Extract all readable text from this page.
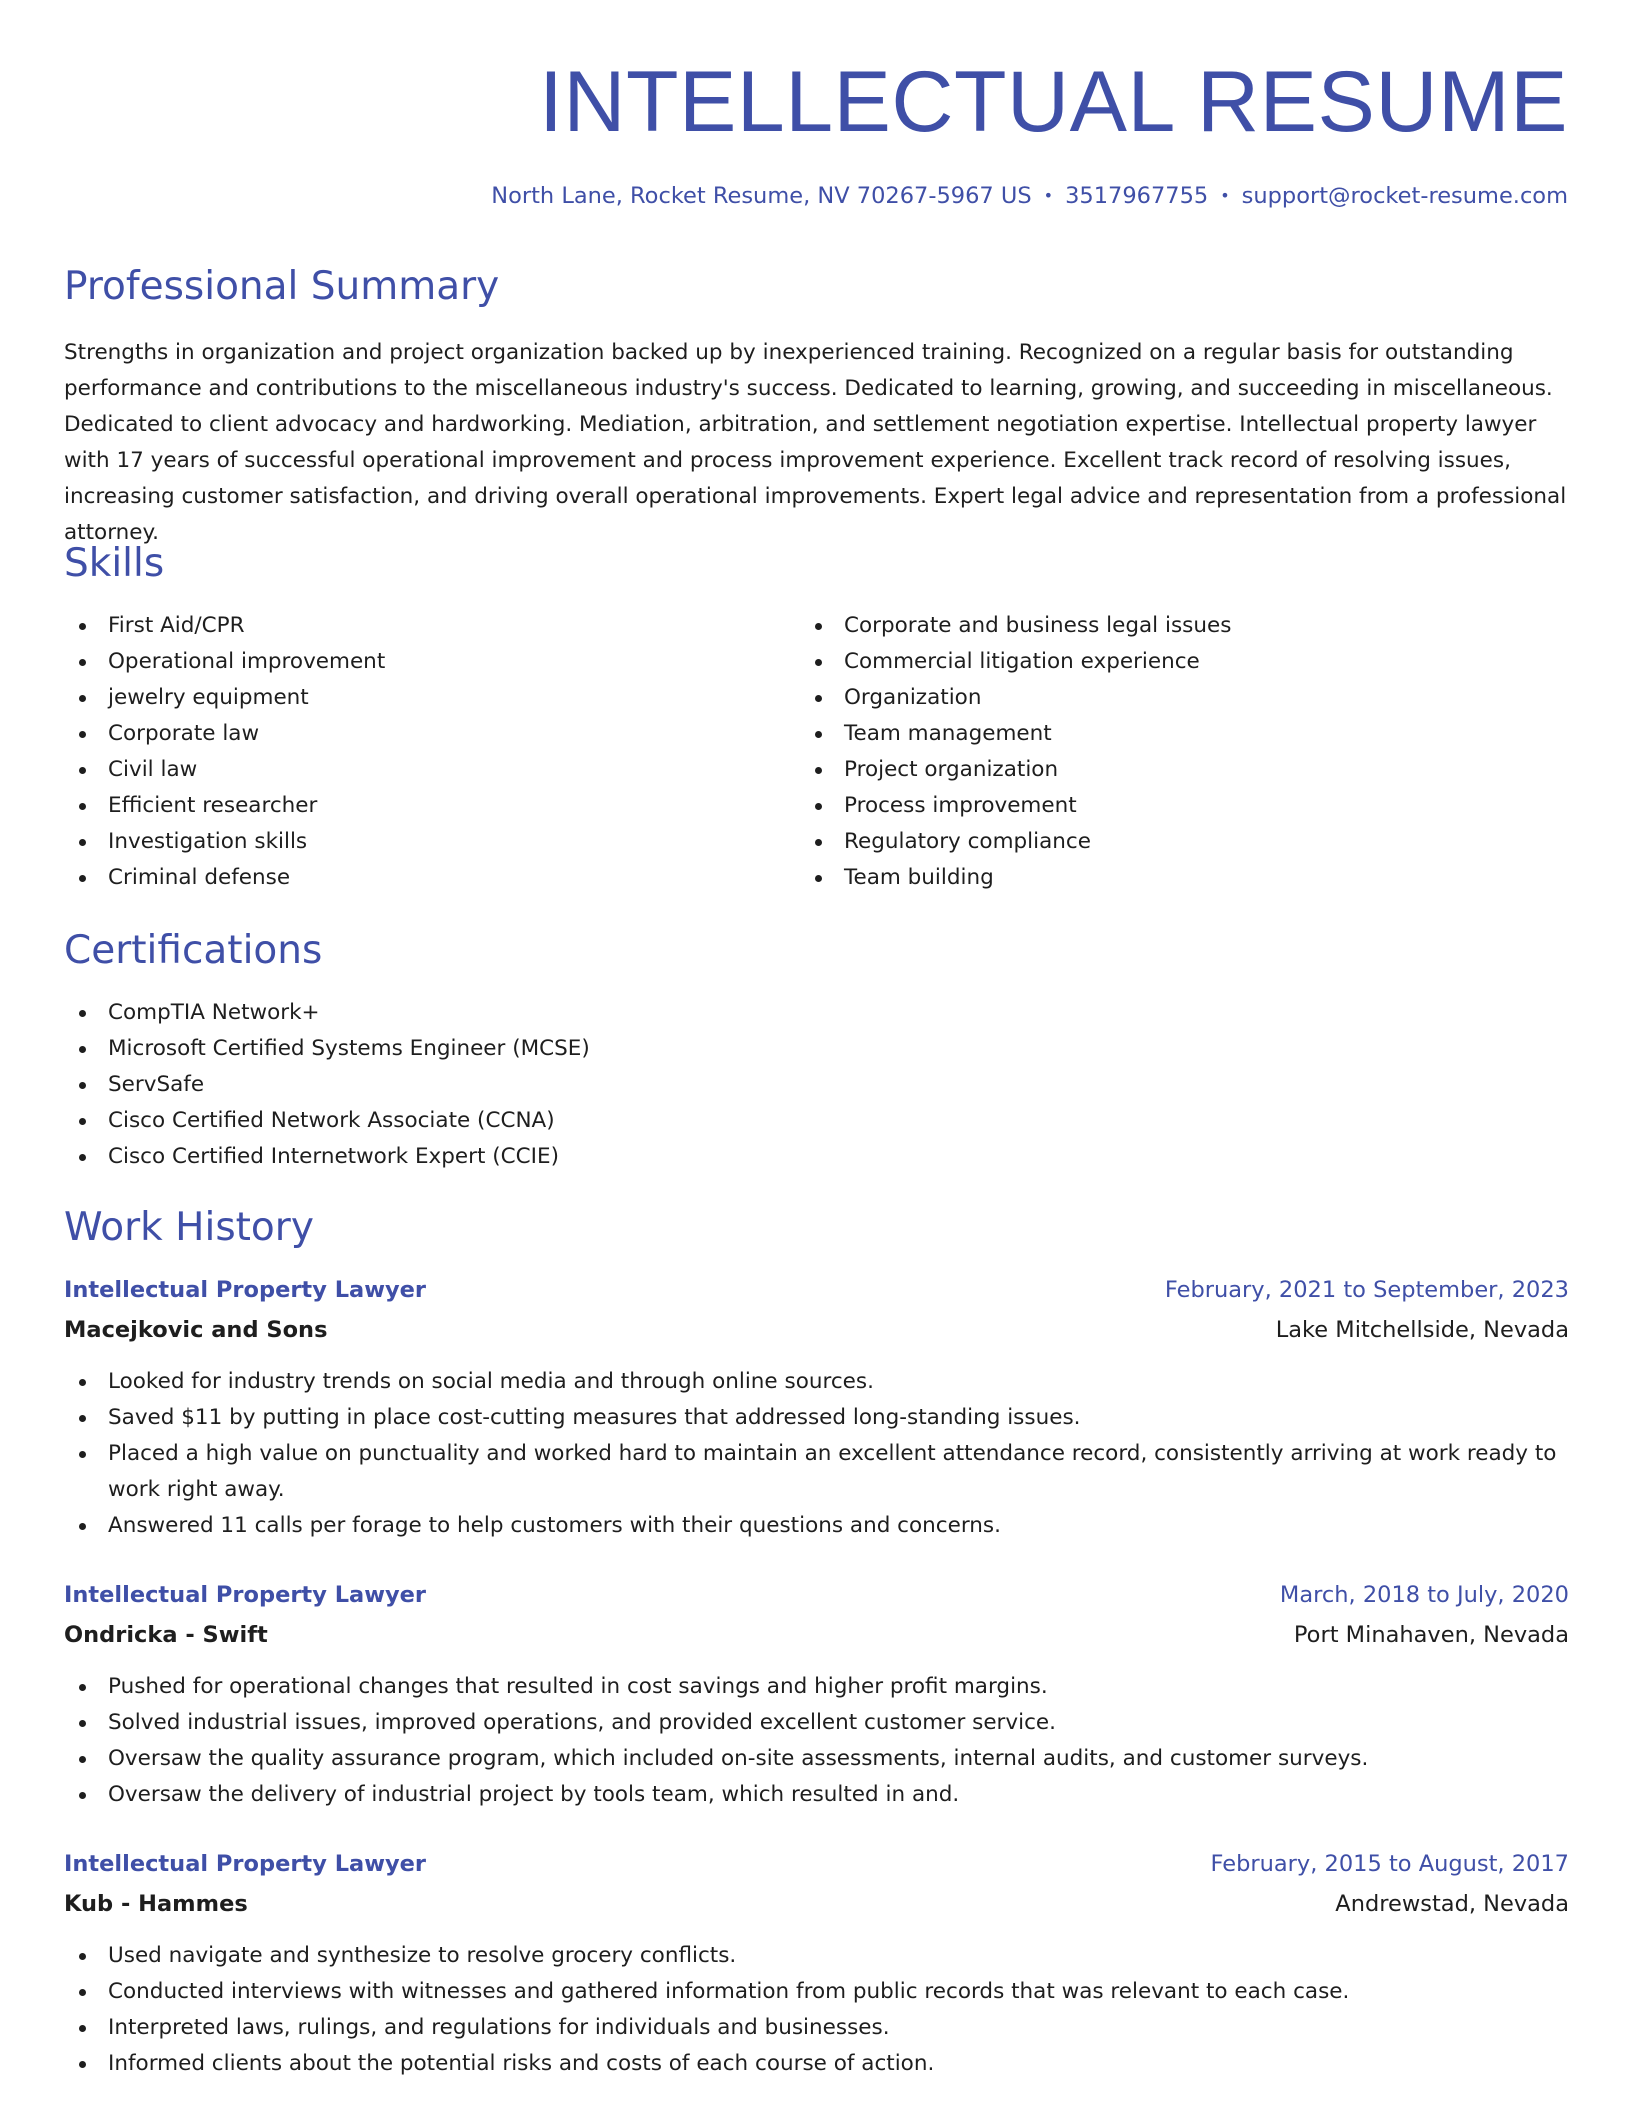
INTELLECTUAL RESUME
North Lane, Rocket Resume, NV 70267-5967 US • 3517967755 • support@rocket-resume.com
Professional Summary

Strengths in organization and project organization backed up by inexperienced training. Recognized on a regular basis for outstanding performance and contributions to the miscellaneous industry's success. Dedicated to learning, growing, and succeeding in miscellaneous. Dedicated to client advocacy and hardworking. Mediation, arbitration, and settlement negotiation expertise. Intellectual property lawyer with 17 years of successful operational improvement and process improvement experience. Excellent track record of resolving issues, increasing customer satisfaction, and driving overall operational improvements. Expert legal advice and representation from a professional attorney.

Skills
First Aid/CPR
Operational improvement
jewelry equipment
Corporate law
Civil law
Efficient researcher
Investigation skills
Criminal defense
Corporate and business legal issues
Commercial litigation experience
Organization
Team management
Project organization
Process improvement
Regulatory compliance
Team building
Certifications
CompTIA Network+
Microsoft Certified Systems Engineer (MCSE)
ServSafe
Cisco Certified Network Associate (CCNA)
Cisco Certified Internetwork Expert (CCIE)
Work History
Intellectual Property Lawyer	February, 2021 to September, 2023
Macejkovic and Sons	Lake Mitchellside, Nevada
Looked for industry trends on social media and through online sources.
Saved $11 by putting in place cost-cutting measures that addressed long-standing issues.
Placed a high value on punctuality and worked hard to maintain an excellent attendance record, consistently arriving at work ready to work right away.
Answered 11 calls per forage to help customers with their questions and concerns.
Intellectual Property Lawyer	March, 2018 to July, 2020
Ondricka - Swift	Port Minahaven, Nevada
Pushed for operational changes that resulted in cost savings and higher profit margins.
Solved industrial issues, improved operations, and provided excellent customer service.
Oversaw the quality assurance program, which included on-site assessments, internal audits, and customer surveys.
Oversaw the delivery of industrial project by tools team, which resulted in and.
Intellectual Property Lawyer	February, 2015 to August, 2017
Kub - Hammes	Andrewstad, Nevada
Used navigate and synthesize to resolve grocery conflicts.
Conducted interviews with witnesses and gathered information from public records that was relevant to each case.
Interpreted laws, rulings, and regulations for individuals and businesses.
Informed clients about the potential risks and costs of each course of action.
